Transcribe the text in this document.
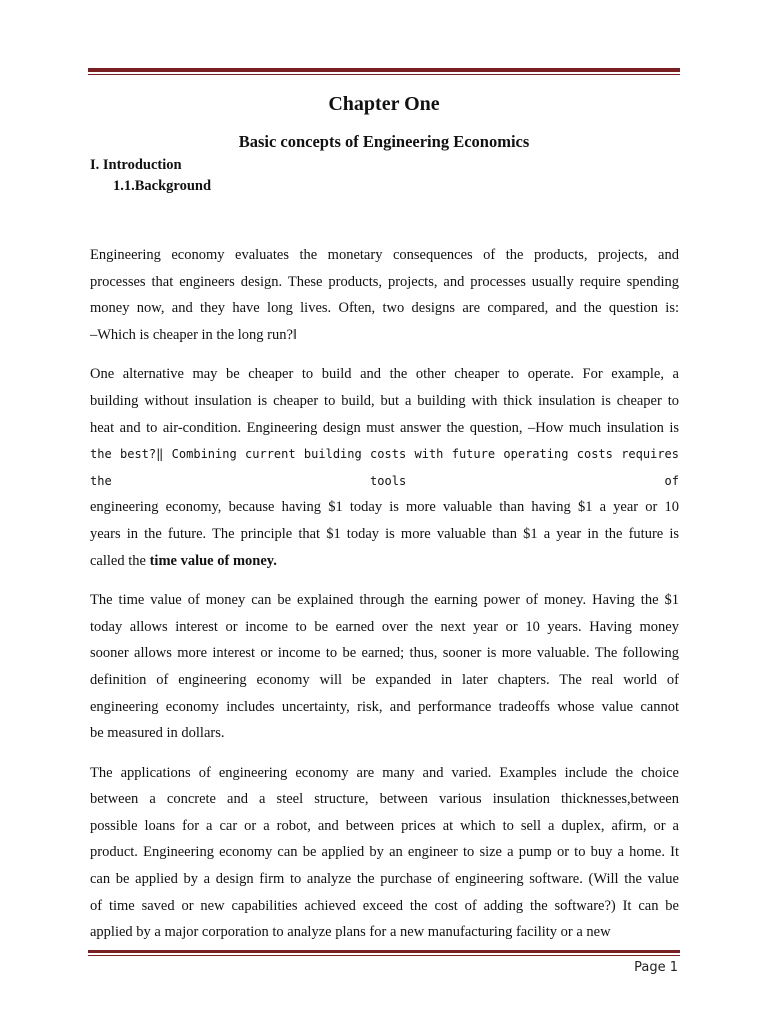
Chapter One
Basic concepts of Engineering Economics
I. Introduction
1.1.Background

Engineering economy evaluates the monetary consequences of the products, projects, and
processes that engineers design. These products, projects, and processes usually require spending
money now, and they have long lives. Often, two designs are compared, and the question is:
–Which is cheaper in the long run?‖

One alternative may be cheaper to build and the other cheaper to operate. For example, a
building without insulation is cheaper to build, but a building with thick insulation is cheaper to
heat and to air-condition. Engineering design must answer the question, –How much insulation is
the best?‖ Combining current building costs with future operating costs requires the tools of
engineering economy, because having $1 today is more valuable than having $1 a year or 10
years in the future. The principle that $1 today is more valuable than $1 a year in the future is
called the time value of money.

The time value of money can be explained through the earning power of money. Having the $1
today allows interest or income to be earned over the next year or 10 years. Having money
sooner allows more interest or income to be earned; thus, sooner is more valuable. The following
definition of engineering economy will be expanded in later chapters. The real world of
engineering economy includes uncertainty, risk, and performance tradeoffs whose value cannot
be measured in dollars.

The applications of engineering economy are many and varied. Examples include the choice
between a concrete and a steel structure, between various insulation thicknesses,between
possible loans for a car or a robot, and between prices at which to sell a duplex, afirm, or a
product. Engineering economy can be applied by an engineer to size a pump or to buy a home. It
can be applied by a design firm to analyze the purchase of engineering software. (Will the value
of time saved or new capabilities achieved exceed the cost of adding the software?) It can be
applied by a major corporation to analyze plans for a new manufacturing facility or a new

Page 1
